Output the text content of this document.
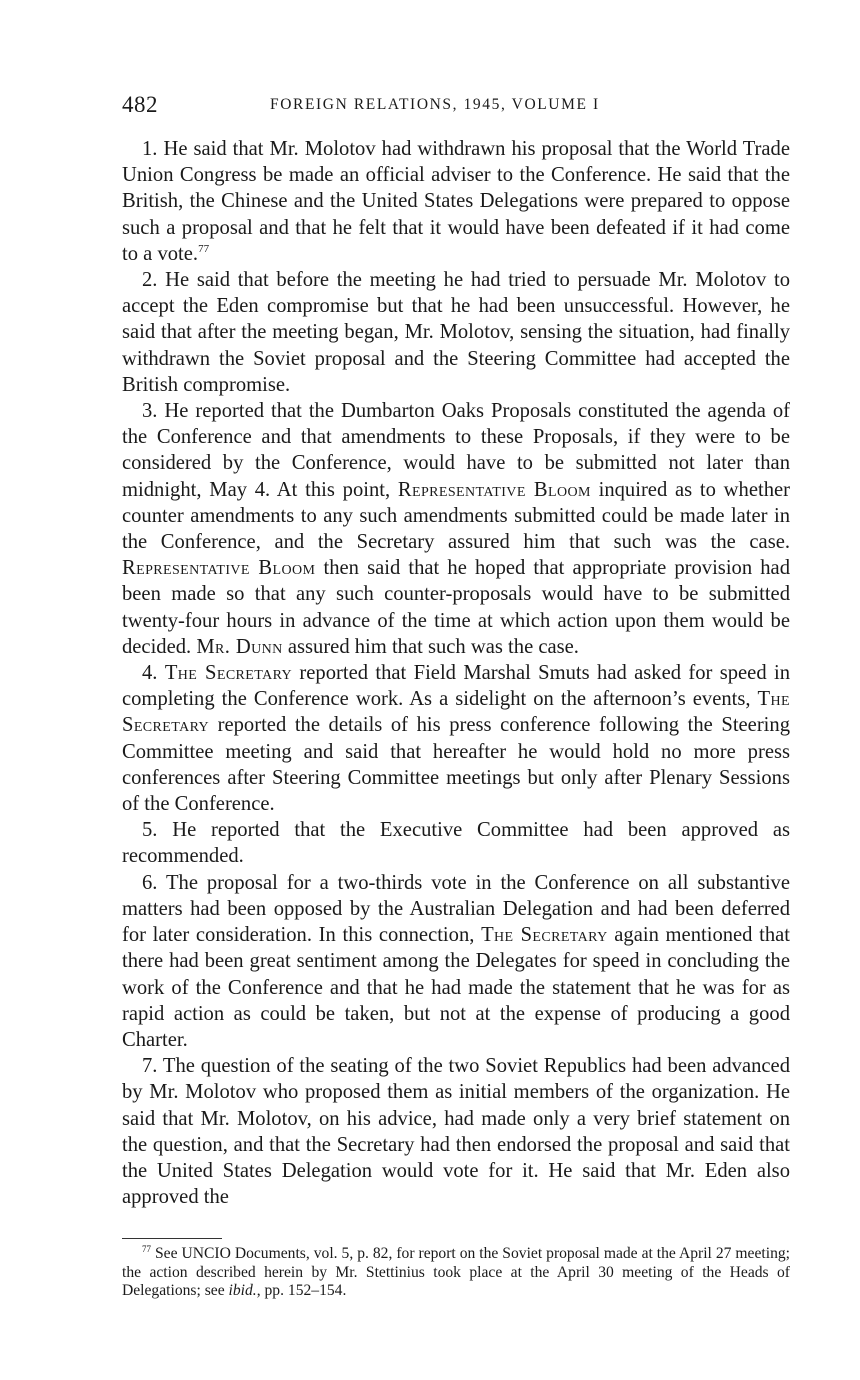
482	FOREIGN RELATIONS, 1945, VOLUME I

1. He said that Mr. Molotov had withdrawn his proposal that the World Trade Union Congress be made an official adviser to the Conference. He said that the British, the Chinese and the United States Delegations were prepared to oppose such a proposal and that he felt that it would have been defeated if it had come to a vote.$^{77}$

2. He said that before the meeting he had tried to persuade Mr. Molotov to accept the Eden compromise but that he had been unsuccessful. However, he said that after the meeting began, Mr. Molotov, sensing the situation, had finally withdrawn the Soviet proposal and the Steering Committee had accepted the British compromise.

3. He reported that the Dumbarton Oaks Proposals constituted the agenda of the Conference and that amendments to these Proposals, if they were to be considered by the Conference, would have to be submitted not later than midnight, May 4. At this point, Representative Bloom inquired as to whether counter amendments to any such amendments submitted could be made later in the Conference, and the Secretary assured him that such was the case. Representative Bloom then said that he hoped that appropriate provision had been made so that any such counter-proposals would have to be submitted twenty-four hours in advance of the time at which action upon them would be decided. Mr. Dunn assured him that such was the case.

4. The Secretary reported that Field Marshal Smuts had asked for speed in completing the Conference work. As a sidelight on the afternoon’s events, The Secretary reported the details of his press conference following the Steering Committee meeting and said that hereafter he would hold no more press conferences after Steering Committee meetings but only after Plenary Sessions of the Conference.

5. He reported that the Executive Committee had been approved as recommended.

6. The proposal for a two-thirds vote in the Conference on all substantive matters had been opposed by the Australian Delegation and had been deferred for later consideration. In this connection, The Secretary again mentioned that there had been great sentiment among the Delegates for speed in concluding the work of the Conference and that he had made the statement that he was for as rapid action as could be taken, but not at the expense of producing a good Charter.

7. The question of the seating of the two Soviet Republics had been advanced by Mr. Molotov who proposed them as initial members of the organization. He said that Mr. Molotov, on his advice, had made only a very brief statement on the question, and that the Secretary had then endorsed the proposal and said that the United States Delegation would vote for it. He said that Mr. Eden also approved the

$^{77}$ See UNCIO Documents, vol. 5, p. 82, for report on the Soviet proposal made at the April 27 meeting; the action described herein by Mr. Stettinius took place at the April 30 meeting of the Heads of Delegations; see ibid., pp. 152–154.
